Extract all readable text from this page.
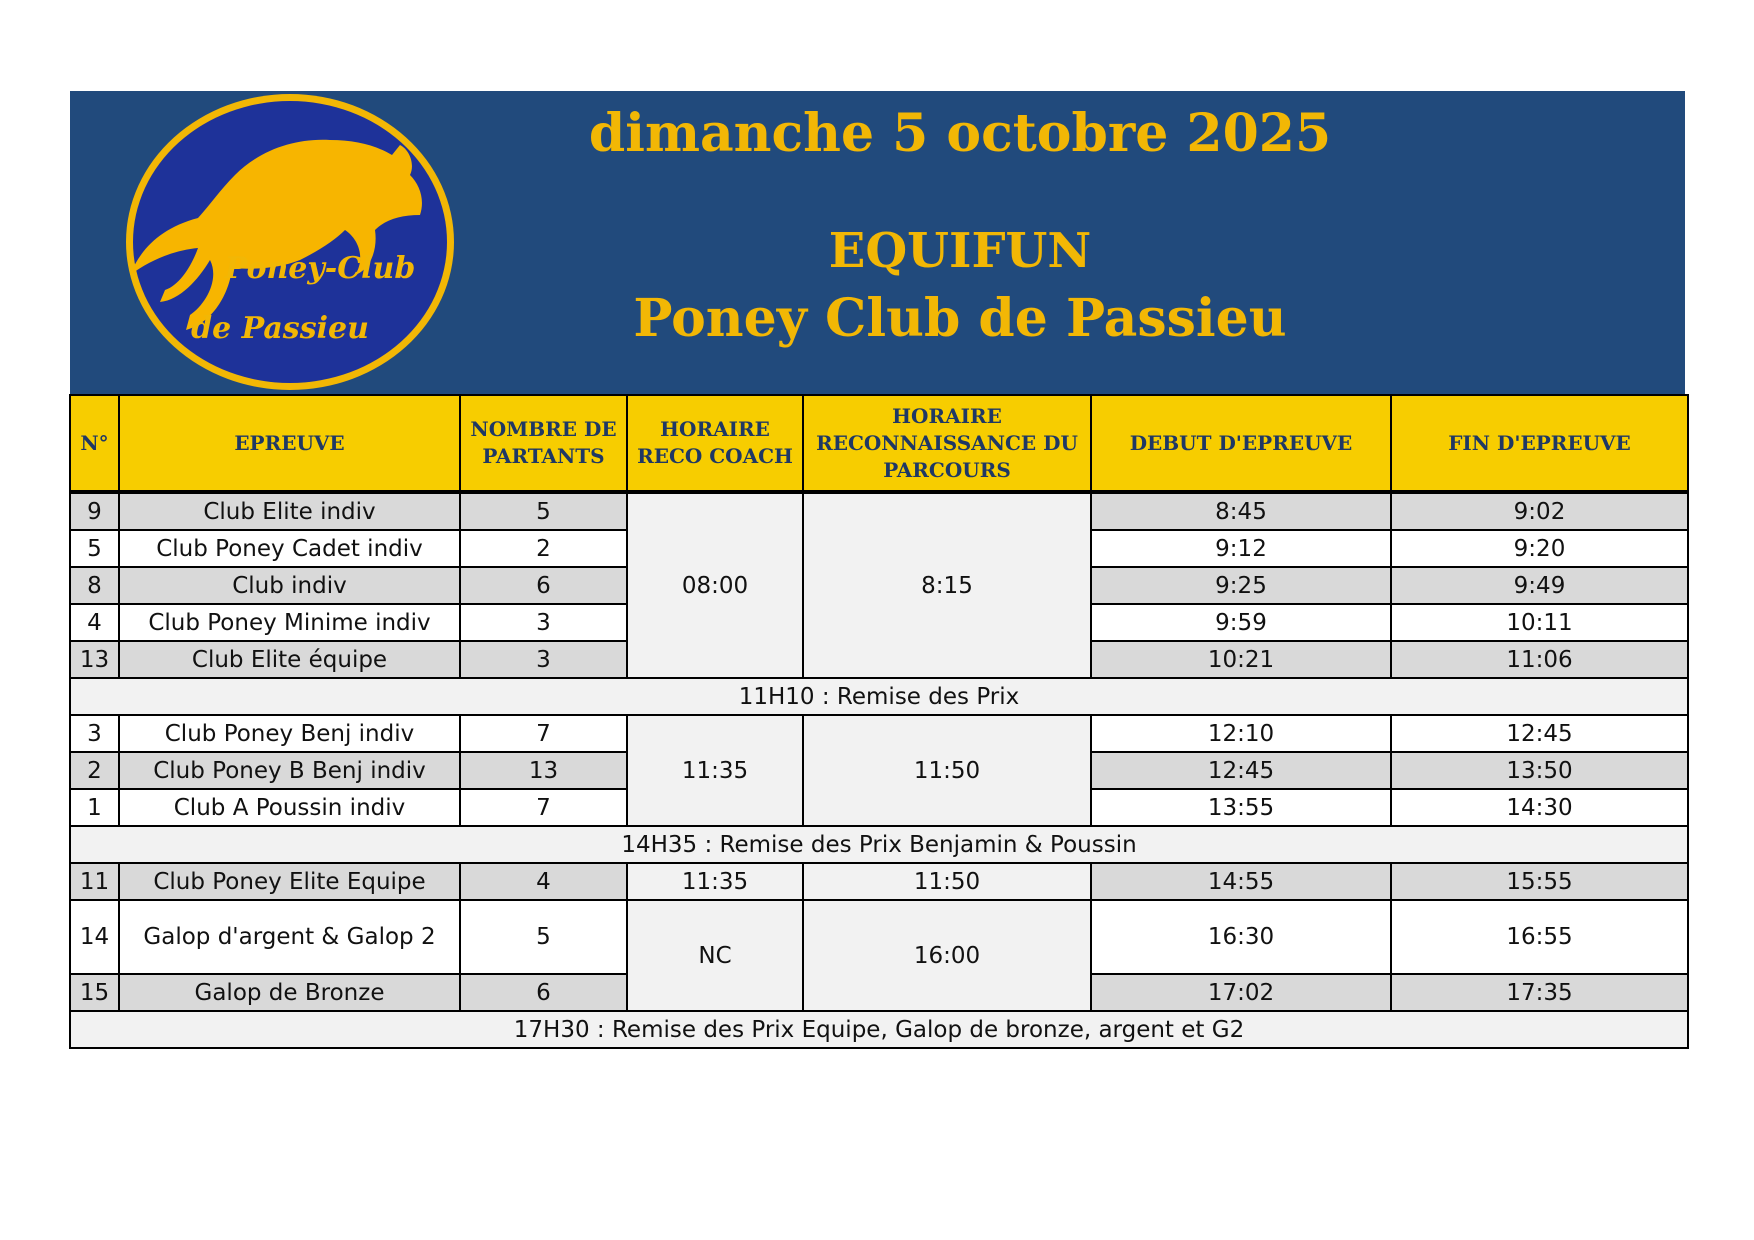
Poney-Club
de Passieu
dimanche 5 octobre 2025
EQUIFUN
Poney Club de Passieu
N°	EPREUVE	NOMBRE DE PARTANTS	HORAIRE RECO COACH	HORAIRE RECONNAISSANCE DU PARCOURS	DEBUT D'EPREUVE	FIN D'EPREUVE
9	Club Elite indiv	5	08:00	8:15	8:45	9:02
5	Club Poney Cadet indiv	2			9:12	9:20
8	Club indiv	6			9:25	9:49
4	Club Poney Minime indiv	3			9:59	10:11
13	Club Elite équipe	3			10:21	11:06
11H10 : Remise des Prix						
3	Club Poney Benj indiv	7	11:35	11:50	12:10	12:45
2	Club Poney B Benj indiv	13			12:45	13:50
1	Club A Poussin indiv	7			13:55	14:30
14H35 : Remise des Prix Benjamin & Poussin						
11	Club Poney Elite Equipe	4	11:35	11:50	14:55	15:55
14	Galop d'argent & Galop 2	5	NC	16:00	16:30	16:55
15	Galop de Bronze	6			17:02	17:35
17H30 : Remise des Prix Equipe, Galop de bronze, argent et G2						
